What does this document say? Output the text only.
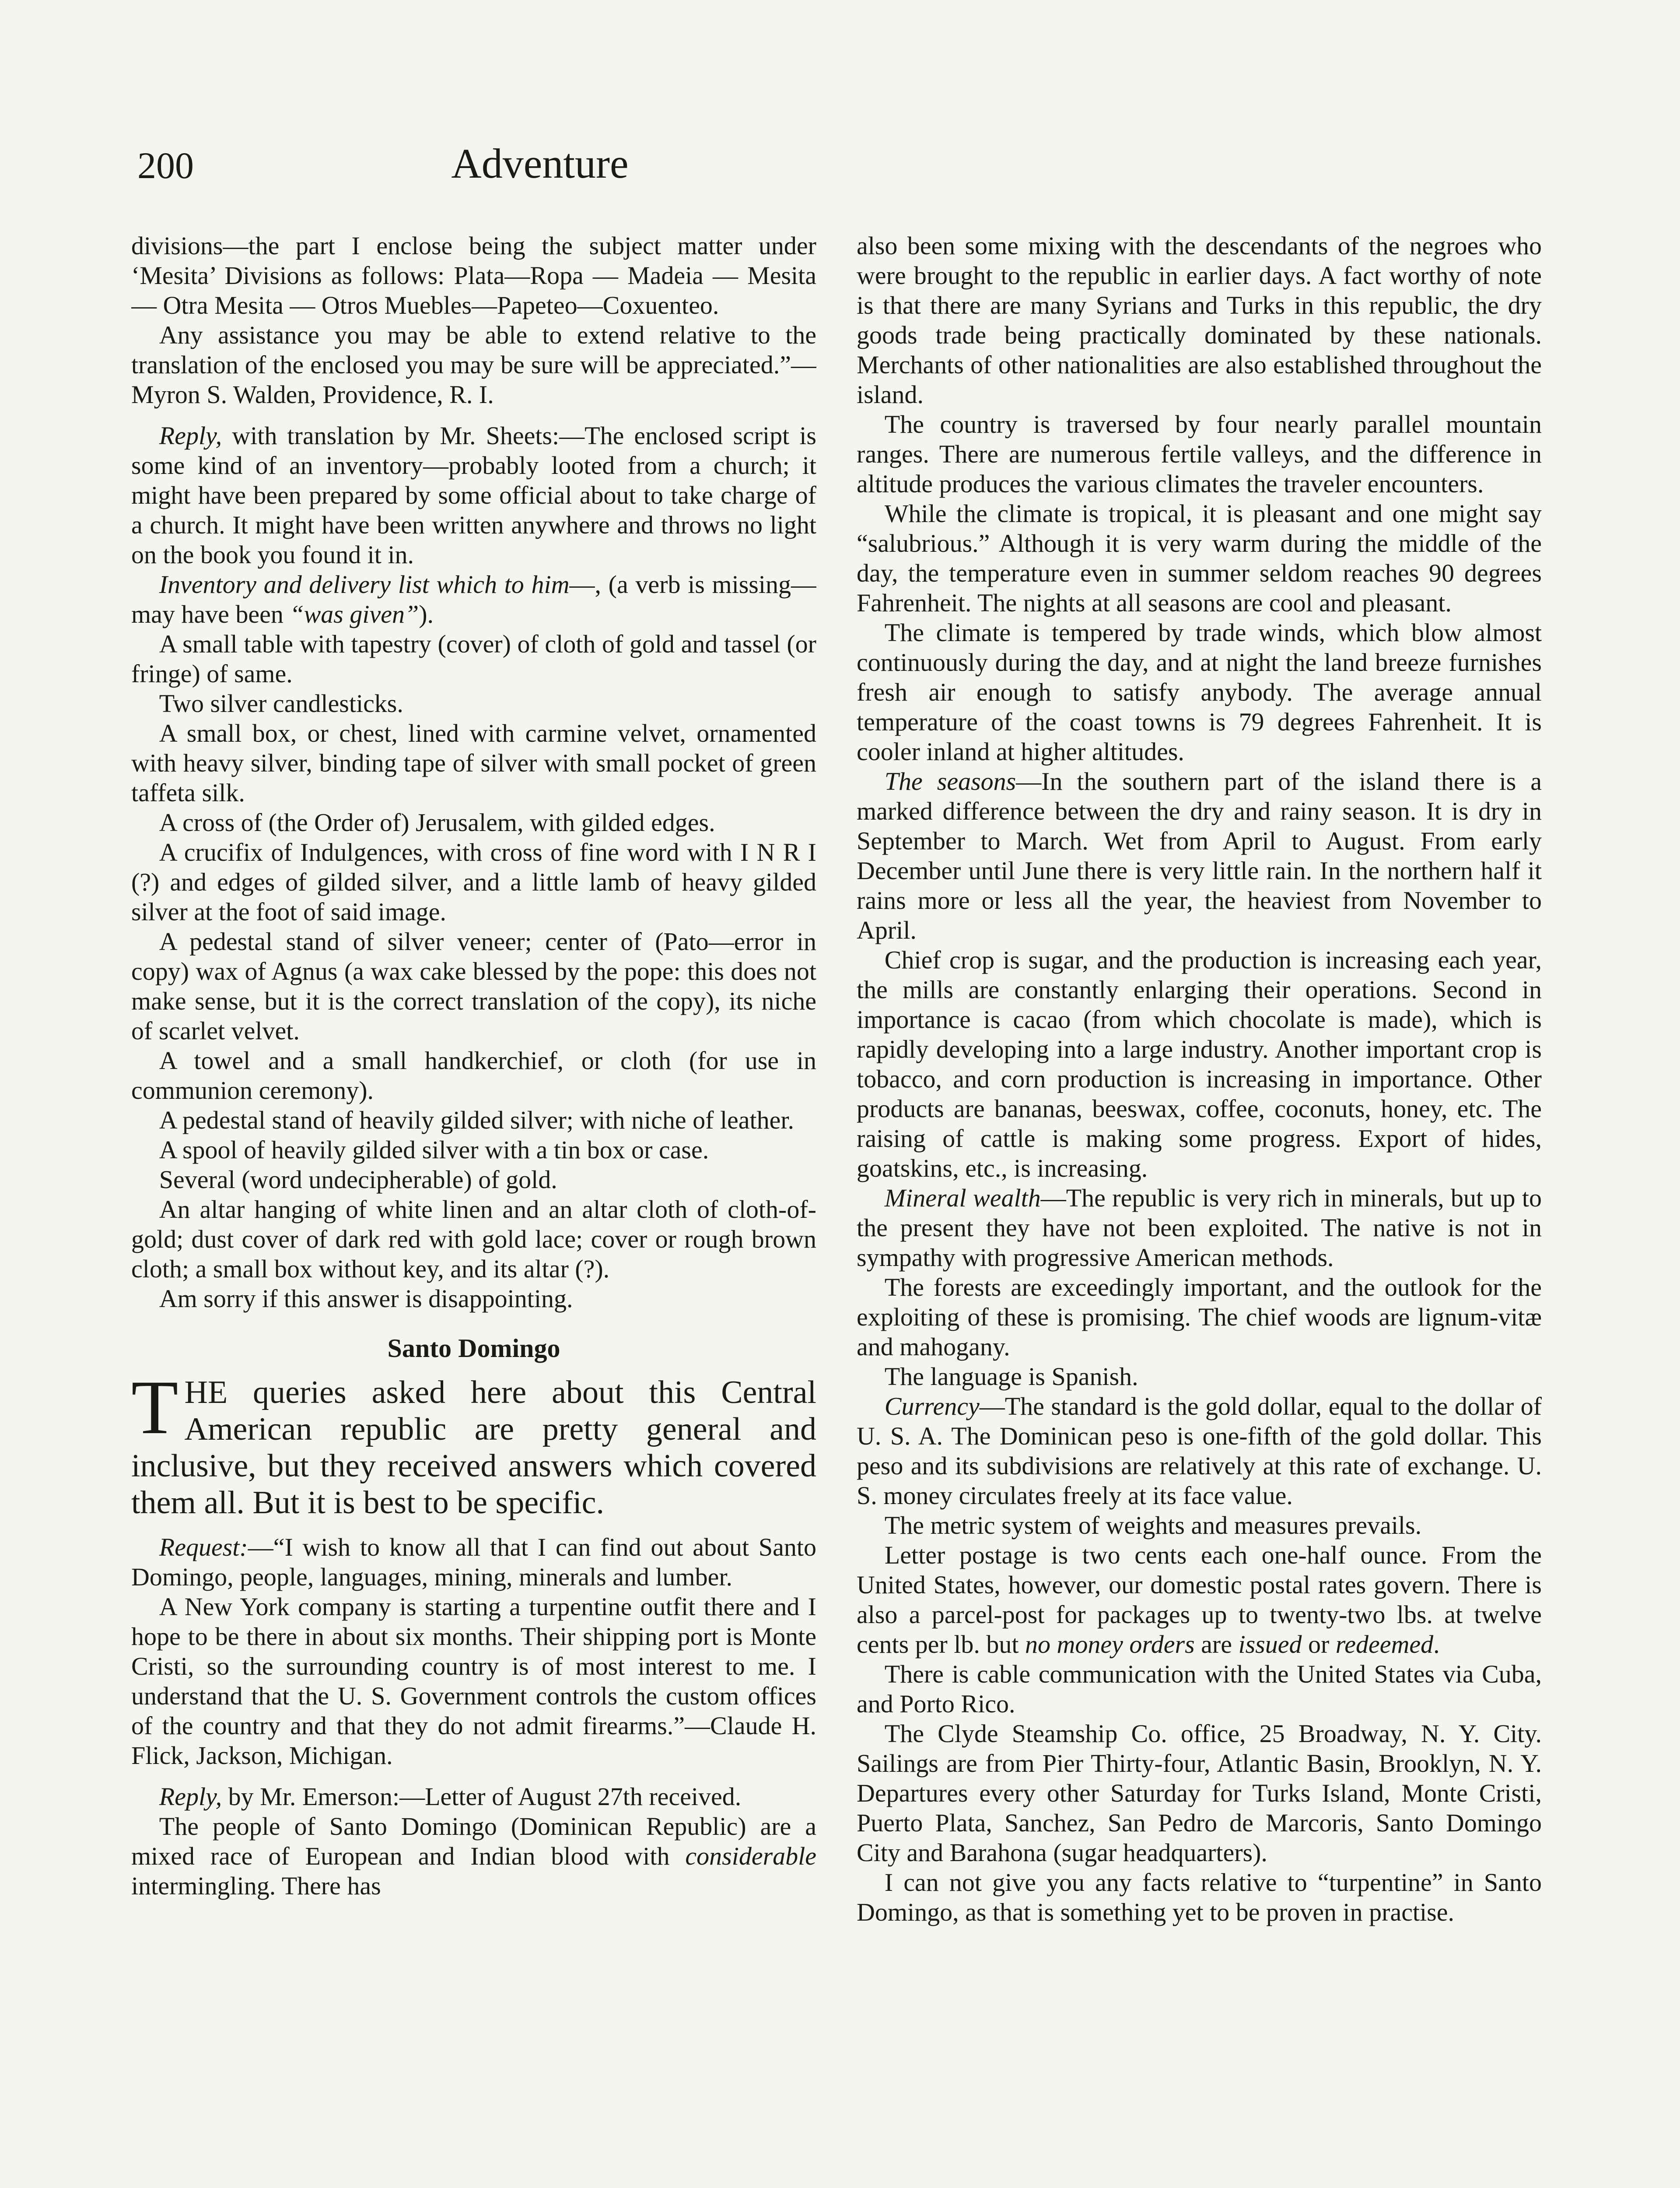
200	Adventure

divisions—the part I enclose being the subject matter under ‘Mesita’ Divisions as follows: Plata—Ropa — Madeia — Mesita — Otra Mesita — Otros Muebles—Papeteo—Coxuenteo.

Any assistance you may be able to extend relative to the translation of the enclosed you may be sure will be appreciated.”—Myron S. Walden, Providence, R. I.

Reply, with translation by Mr. Sheets:—The enclosed script is some kind of an inventory—probably looted from a church; it might have been prepared by some official about to take charge of a church. It might have been written anywhere and throws no light on the book you found it in.

Inventory and delivery list which to him—, (a verb is missing—may have been “was given”).

A small table with tapestry (cover) of cloth of gold and tassel (or fringe) of same.

Two silver candlesticks.

A small box, or chest, lined with carmine velvet, ornamented with heavy silver, binding tape of silver with small pocket of green taffeta silk.

A cross of (the Order of) Jerusalem, with gilded edges.

A crucifix of Indulgences, with cross of fine word with I N R I (?) and edges of gilded silver, and a little lamb of heavy gilded silver at the foot of said image.

A pedestal stand of silver veneer; center of (Pato—error in copy) wax of Agnus (a wax cake blessed by the pope: this does not make sense, but it is the correct translation of the copy), its niche of scarlet velvet.

A towel and a small handkerchief, or cloth (for use in communion ceremony).

A pedestal stand of heavily gilded silver; with niche of leather.

A spool of heavily gilded silver with a tin box or case.

Several (word undecipherable) of gold.

An altar hanging of white linen and an altar cloth of cloth-of-gold; dust cover of dark red with gold lace; cover or rough brown cloth; a small box without key, and its altar (?).

Am sorry if this answer is disappointing.

Santo Domingo

THE queries asked here about this Central American republic are pretty general and inclusive, but they received answers which covered them all. But it is best to be specific.

Request:—“I wish to know all that I can find out about Santo Domingo, people, languages, mining, minerals and lumber.

A New York company is starting a turpentine outfit there and I hope to be there in about six months. Their shipping port is Monte Cristi, so the surrounding country is of most interest to me. I understand that the U. S. Government controls the custom offices of the country and that they do not admit firearms.”—Claude H. Flick, Jackson, Michigan.

Reply, by Mr. Emerson:—Letter of August 27th received.

The people of Santo Domingo (Dominican Republic) are a mixed race of European and Indian blood with considerable intermingling. There has

also been some mixing with the descendants of the negroes who were brought to the republic in earlier days. A fact worthy of note is that there are many Syrians and Turks in this republic, the dry goods trade being practically dominated by these nationals. Merchants of other nationalities are also established throughout the island.

The country is traversed by four nearly parallel mountain ranges. There are numerous fertile valleys, and the difference in altitude produces the various climates the traveler encounters.

While the climate is tropical, it is pleasant and one might say “salubrious.” Although it is very warm during the middle of the day, the temperature even in summer seldom reaches 90 degrees Fahrenheit. The nights at all seasons are cool and pleasant.

The climate is tempered by trade winds, which blow almost continuously during the day, and at night the land breeze furnishes fresh air enough to satisfy anybody. The average annual temperature of the coast towns is 79 degrees Fahrenheit. It is cooler inland at higher altitudes.

The seasons—In the southern part of the island there is a marked difference between the dry and rainy season. It is dry in September to March. Wet from April to August. From early December until June there is very little rain. In the northern half it rains more or less all the year, the heaviest from November to April.

Chief crop is sugar, and the production is increasing each year, the mills are constantly enlarging their operations. Second in importance is cacao (from which chocolate is made), which is rapidly developing into a large industry. Another important crop is tobacco, and corn production is increasing in importance. Other products are bananas, beeswax, coffee, coconuts, honey, etc. The raising of cattle is making some progress. Export of hides, goatskins, etc., is increasing.

Mineral wealth—The republic is very rich in minerals, but up to the present they have not been exploited. The native is not in sympathy with progressive American methods.

The forests are exceedingly important, and the outlook for the exploiting of these is promising. The chief woods are lignum-vitæ and mahogany.

The language is Spanish.

Currency—The standard is the gold dollar, equal to the dollar of U. S. A. The Dominican peso is one-fifth of the gold dollar. This peso and its subdivisions are relatively at this rate of exchange. U. S. money circulates freely at its face value.

The metric system of weights and measures prevails.

Letter postage is two cents each one-half ounce. From the United States, however, our domestic postal rates govern. There is also a parcel-post for packages up to twenty-two lbs. at twelve cents per lb. but no money orders are issued or redeemed.

There is cable communication with the United States via Cuba, and Porto Rico.

The Clyde Steamship Co. office, 25 Broadway, N. Y. City. Sailings are from Pier Thirty-four, Atlantic Basin, Brooklyn, N. Y. Departures every other Saturday for Turks Island, Monte Cristi, Puerto Plata, Sanchez, San Pedro de Marcoris, Santo Domingo City and Barahona (sugar headquarters).

I can not give you any facts relative to “turpentine” in Santo Domingo, as that is something yet to be proven in practise.
